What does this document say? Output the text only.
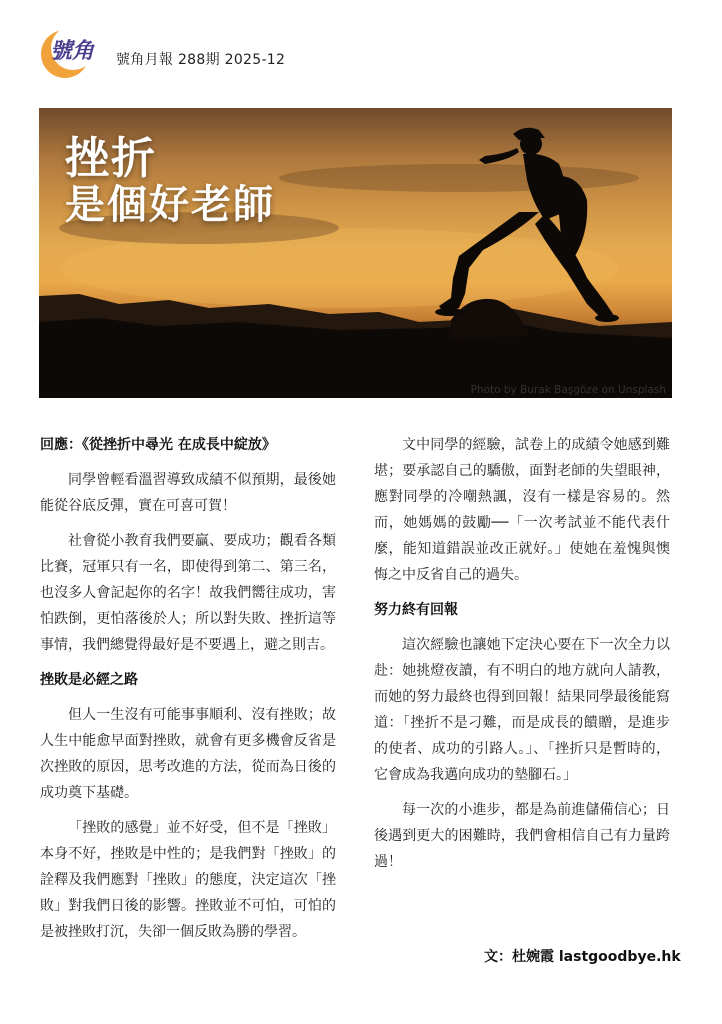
號角 號角月報 288期 2025-12
挫折
是個好老師
Photo by Burak Başgöze on Unsplash
回應：《從挫折中尋光 在成長中綻放》

同學曾輕看溫習導致成績不似預期，最後她能從谷底反彈，實在可喜可賀！

社會從小教育我們要贏、要成功；觀看各類比賽，冠軍只有一名，即使得到第二、第三名，也沒多人會記起你的名字！故我們嚮往成功，害怕跌倒，更怕落後於人；所以對失敗、挫折這等事情，我們總覺得最好是不要遇上，避之則吉。

挫敗是必經之路

但人一生沒有可能事事順利、沒有挫敗；故人生中能愈早面對挫敗，就會有更多機會反省是次挫敗的原因，思考改進的方法，從而為日後的成功奠下基礎。

「挫敗的感覺」並不好受，但不是「挫敗」本身不好，挫敗是中性的；是我們對「挫敗」的詮釋及我們應對「挫敗」的態度，決定這次「挫敗」對我們日後的影響。挫敗並不可怕，可怕的是被挫敗打沉，失卻一個反敗為勝的學習。

文中同學的經驗，試卷上的成績令她感到難堪；要承認自己的驕傲，面對老師的失望眼神，應對同學的冷嘲熱諷，沒有一樣是容易的。然而，她媽媽的鼓勵──「一次考試並不能代表什麼，能知道錯誤並改正就好。」使她在羞愧與懊悔之中反省自己的過失。

努力終有回報

這次經驗也讓她下定決心要在下一次全力以赴：她挑燈夜讀，有不明白的地方就向人請教，而她的努力最終也得到回報！結果同學最後能寫道：「挫折不是刁難，而是成長的饋贈，是進步的使者、成功的引路人。」、「挫折只是暫時的，它會成為我邁向成功的墊腳石。」

每一次的小進步，都是為前進儲備信心；日後遇到更大的困難時，我們會相信自己有力量跨過！

文：杜婉霞 lastgoodbye.hk
